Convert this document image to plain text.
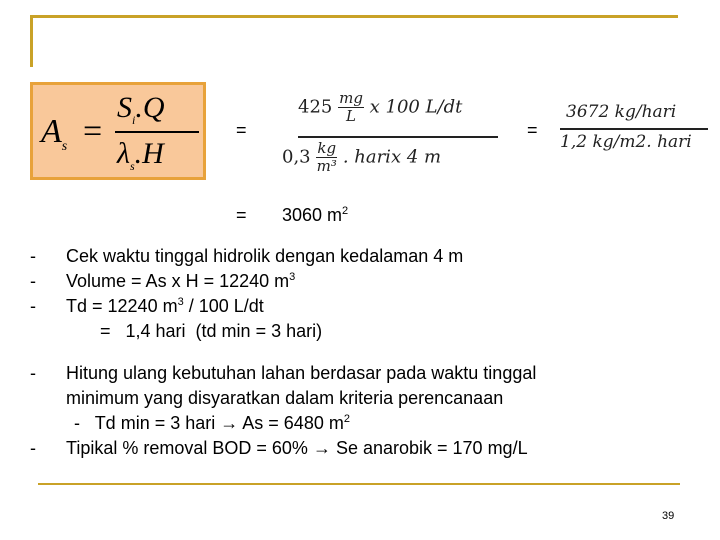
$A_s$ =
$S_i.Q$
$\lambda_s.H$
=
$425 \frac{mg}{L}$ x 100 L/dt
$0,3 \frac{kg}{\text{m³}}$ . harix 4 m
=
3672 kg/hari
1,2 kg/m2. hari
= 3060 $m^2$
- Cek waktu tinggal hidrolik dengan kedalaman 4 m
- Volume = As x H = 12240 $m^3$
- Td = 12240 $m^3 / 100$ L/dt
=   1,4 hari  (td min = 3 hari)
- Hitung ulang kebutuhan lahan berdasar pada waktu tinggal
minimum yang disyaratkan dalam kriteria perencanaan
- Td min = 3 hari → As = 6480 $m^2$
- Tipikal % removal BOD = 60% → Se anarobik = 170 mg/L
39
